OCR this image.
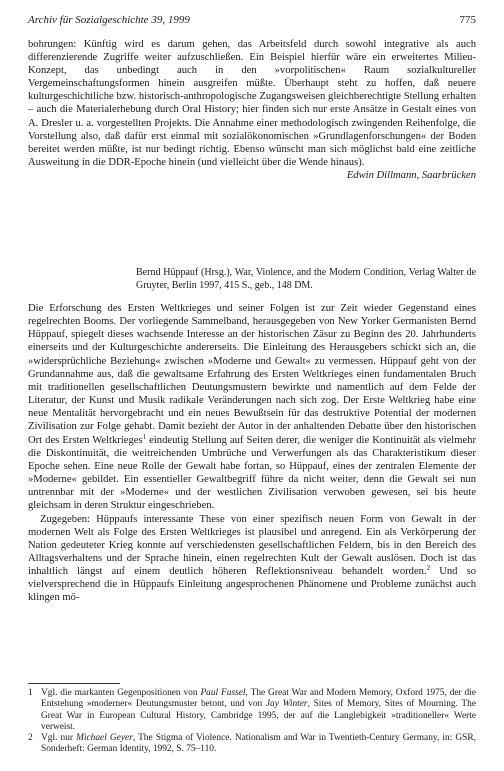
Archiv für Sozialgeschichte 39, 1999	775

bohrungen: Künftig wird es darum gehen, das Arbeitsfeld durch sowohl integrative als auch differenzierende Zugriffe weiter aufzuschließen. Ein Beispiel hierfür wäre ein erweitertes Milieu-Konzept, das unbedingt auch in den »vorpolitischen« Raum sozialkultureller Vergemeinschaftungsformen hinein ausgreifen müßte. Überhaupt steht zu hoffen, daß neuere kulturgeschichtliche bzw. historisch-anthropologische Zugangsweisen gleichberechtigte Stellung erhalten – auch die Materialerhebung durch Oral History; hier finden sich nur erste Ansätze in Gestalt eines von A. Dresler u. a. vorgestellten Projekts. Die Annahme einer methodologisch zwingenden Reihenfolge, die Vorstellung also, daß dafür erst einmal mit sozialökonomischen »Grundlagenforschungen« der Boden bereitet werden müßte, ist nur bedingt richtig. Ebenso wünscht man sich möglichst bald eine zeitliche Ausweitung in die DDR-Epoche hinein (und vielleicht über die Wende hinaus).

Edwin Dillmann, Saarbrücken

Bernd Hüppauf (Hrsg.), War, Violence, and the Modern Condition, Verlag Walter de Gruyter, Berlin 1997, 415 S., geb., 148 DM.

Die Erforschung des Ersten Weltkrieges und seiner Folgen ist zur Zeit wieder Gegenstand eines regelrechten Booms. Der vorliegende Sammelband, herausgegeben von New Yorker Germanisten Bernd Hüppauf, spiegelt dieses wachsende Interesse an der historischen Zäsur zu Beginn des 20. Jahrhunderts einerseits und der Kulturgeschichte andererseits. Die Einleitung des Herausgebers schickt sich an, die »widersprüchliche Beziehung« zwischen »Moderne und Gewalt« zu vermessen. Hüppauf geht von der Grundannahme aus, daß die gewaltsame Erfahrung des Ersten Weltkrieges einen fundamentalen Bruch mit traditionellen gesellschaftlichen Deutungsmustern bewirkte und namentlich auf dem Felde der Literatur, der Kunst und Musik radikale Veränderungen nach sich zog. Der Erste Weltkrieg habe eine neue Mentalität hervorgebracht und ein neues Bewußtsein für das destruktive Potential der modernen Zivilisation zur Folge gehabt. Damit bezieht der Autor in der anhaltenden Debatte über den historischen Ort des Ersten Weltkrieges$^1$ eindeutig Stellung auf Seiten derer, die weniger die Kontinuität als vielmehr die Diskontinuität, die weitreichenden Umbrüche und Verwerfungen als das Charakteristikum dieser Epoche sehen. Eine neue Rolle der Gewalt habe fortan, so Hüppauf, eines der zentralen Elemente der »Moderne« gebildet. Ein essentieller Gewaltbegriff führe da nicht weiter, denn die Gewalt sei nun untrennbar mit der »Moderne« und der westlichen Zivilisation verwoben gewesen, sei bis heute gleichsam in deren Struktur eingeschrieben.

Zugegeben: Hüppaufs interessante These von einer spezifisch neuen Form von Gewalt in der modernen Welt als Folge des Ersten Weltkrieges ist plausibel und anregend. Ein als Verkörperung der Nation gedeuteter Krieg konnte auf verschiedensten gesellschaftlichen Feldern, bis in den Bereich des Alltagsverhaltens und der Sprache hinein, einen regelrechten Kult der Gewalt auslösen. Doch ist das inhaltlich längst auf einem deutlich höheren Reflektionsniveau behandelt worden.$^2$ Und so vielversprechend die in Hüppaufs Einleitung angesprochenen Phänomene und Probleme zunächst auch klingen mö-

1 Vgl. die markanten Gegenpositionen von Paul Fussel, The Great War and Modern Memory, Oxford 1975, der die Entstehung »moderner« Deutungsmuster betont, und von Jay Winter, Sites of Memory, Sites of Mourning. The Great War in European Cultural History, Cambridge 1995, der auf die Langlebigkeit »traditioneller« Werte verweist.

2 Vgl. nur Michael Geyer, The Stigma of Violence. Nationalism and War in Twentieth-Century Germany, in: GSR, Sonderheft: German Identity, 1992, S. 75–110.
